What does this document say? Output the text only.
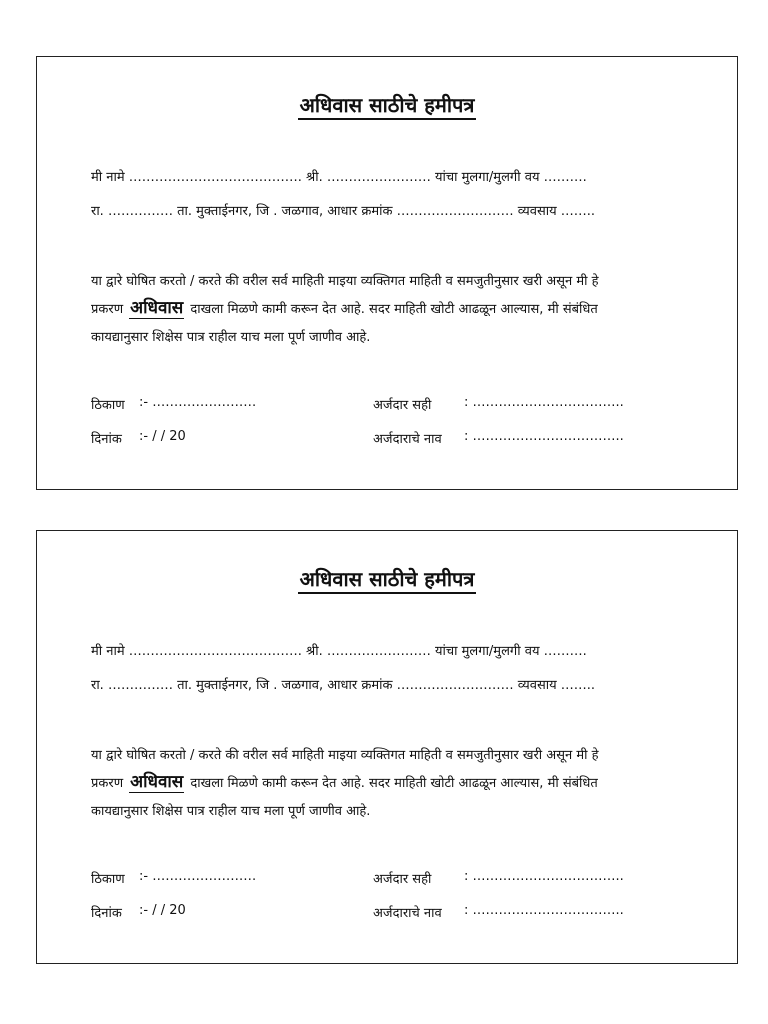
अधिवास साठीचे हमीपत्र
मी नामे …………………………………. श्री. …………………… यांचा मुलगा/मुलगी वय ……….
रा. …………… ता. मुक्ताईनगर, जि . जळगाव, आधार क्रमांक ……………………… व्यवसाय ……..
या द्वारे घोषित करतो / करते की वरील सर्व माहिती माइया व्यक्तिगत माहिती व समजुतीनुसार खरी असून मी हे
प्रकरण अधिवास दाखला मिळणे कामी करून देत आहे. सदर माहिती खोटी आढळून आल्यास, मी संबंधित
कायद्यानुसार शिक्षेस पात्र राहील याच मला पूर्ण जाणीव आहे.
ठिकाण :- ……………………
दिनांक :- / / 20
अर्जदार सही	: ……………………………..
अर्जदाराचे नाव : ……………………………..
अधिवास साठीचे हमीपत्र
मी नामे …………………………………. श्री. …………………… यांचा मुलगा/मुलगी वय ……….
रा. …………… ता. मुक्ताईनगर, जि . जळगाव, आधार क्रमांक ……………………… व्यवसाय ……..
या द्वारे घोषित करतो / करते की वरील सर्व माहिती माइया व्यक्तिगत माहिती व समजुतीनुसार खरी असून मी हे
प्रकरण अधिवास दाखला मिळणे कामी करून देत आहे. सदर माहिती खोटी आढळून आल्यास, मी संबंधित
कायद्यानुसार शिक्षेस पात्र राहील याच मला पूर्ण जाणीव आहे.
ठिकाण :- ……………………
दिनांक :- / / 20
अर्जदार सही	: ……………………………..
अर्जदाराचे नाव : ……………………………..
